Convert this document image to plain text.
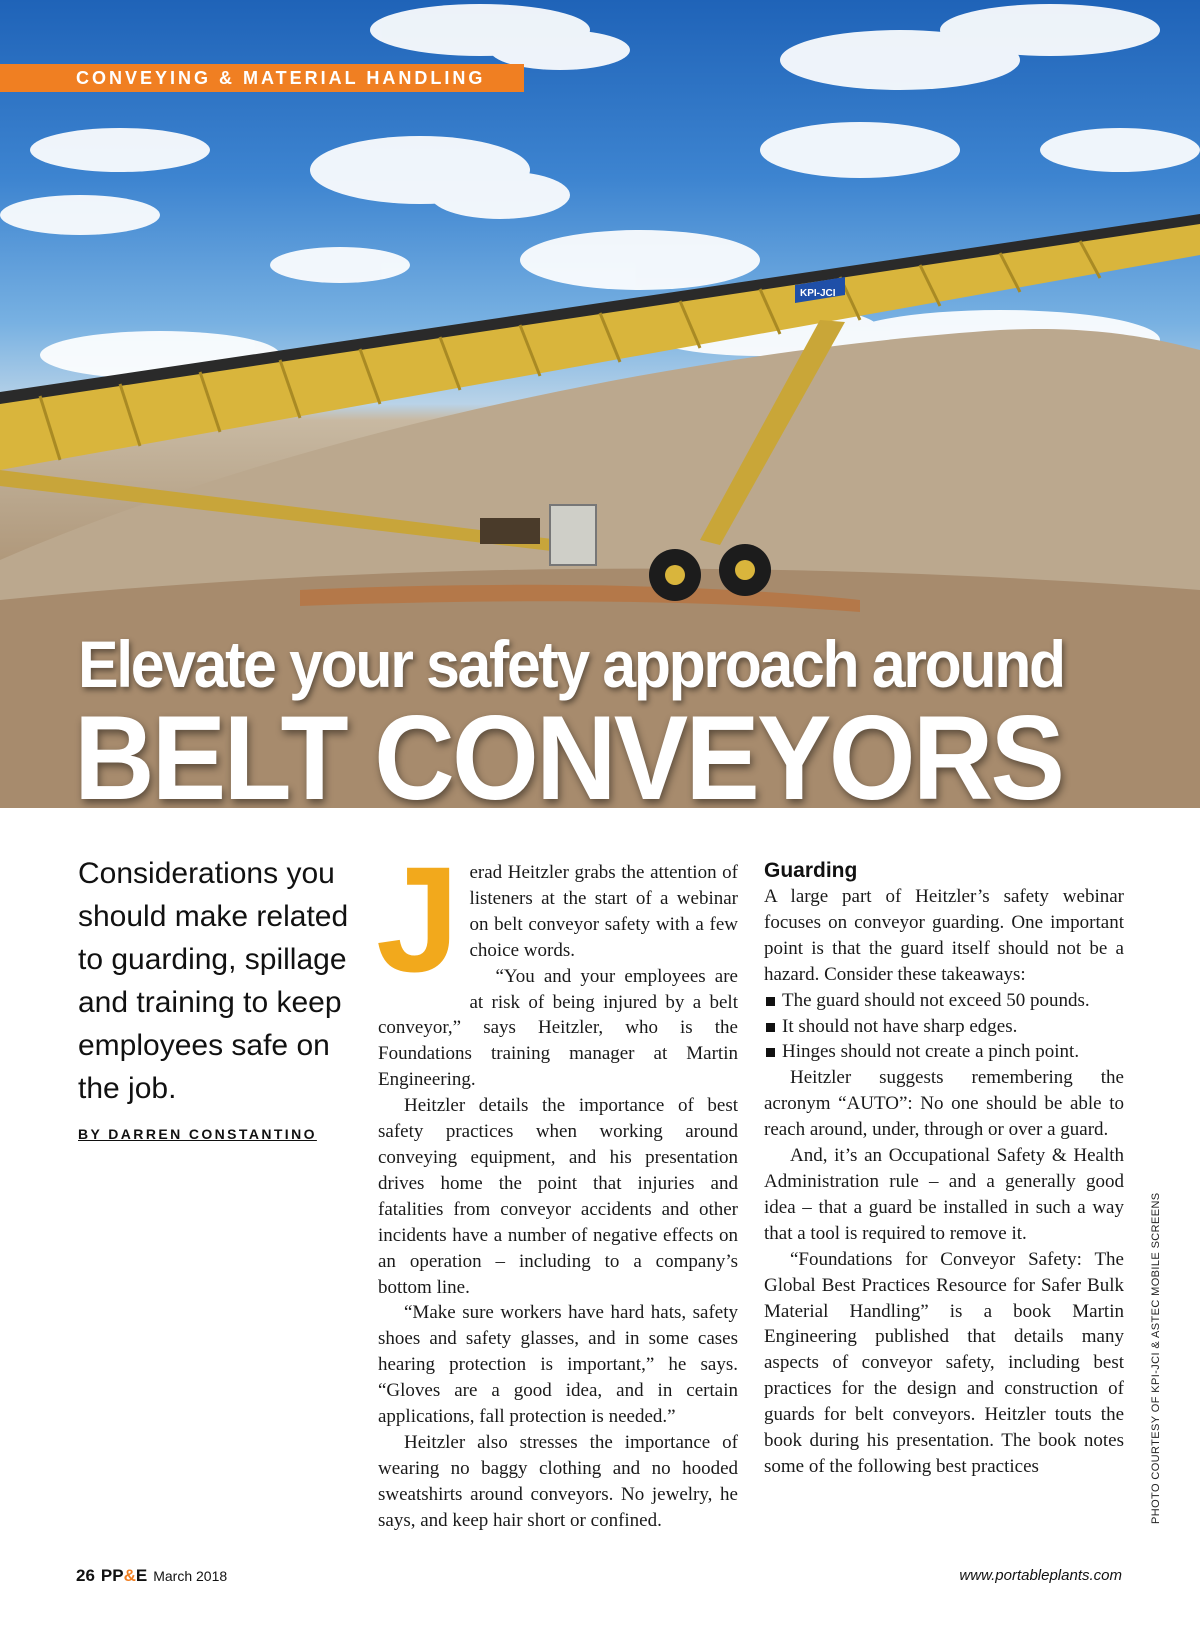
KPI-JCI
CONVEYING & MATERIAL HANDLING
Elevate your safety approach around
BELT CONVEYORS
Considerations you should make related to guarding, spillage and training to keep employees safe on the job.
BY DARREN CONSTANTINO

Jerad Heitzler grabs the attention of listeners at the start of a webinar on belt conveyor safety with a few choice words.

“You and your employees are at risk of being injured by a belt conveyor,” says Heitzler, who is the Foundations training manager at Martin Engineering.

Heitzler details the importance of best safety practices when working around conveying equipment, and his presentation drives home the point that injuries and fatalities from conveyor accidents and other incidents have a number of negative effects on an operation – including to a company’s bottom line.

“Make sure workers have hard hats, safety shoes and safety glasses, and in some cases hearing protection is important,” he says. “Gloves are a good idea, and in certain applications, fall protection is needed.”

Heitzler also stresses the importance of wearing no baggy clothing and no hooded sweatshirts around conveyors. No jewelry, he says, and keep hair short or confined.

Guarding

A large part of Heitzler’s safety webinar focuses on conveyor guarding. One important point is that the guard itself should not be a hazard. Consider these takeaways:

The guard should not exceed 50 pounds.
It should not have sharp edges.
Hinges should not create a pinch point.

Heitzler suggests remembering the acronym “AUTO”: No one should be able to reach around, under, through or over a guard.

And, it’s an Occupational Safety & Health Administration rule – and a generally good idea – that a guard be installed in such a way that a tool is required to remove it.

“Foundations for Conveyor Safety: The Global Best Practices Resource for Safer Bulk Material Handling” is a book Martin Engineering published that details many aspects of conveyor safety, including best practices for the design and construction of guards for belt conveyors. Heitzler touts the book during his presentation. The book notes some of the following best practices	PHOTO COURTESY OF KPI-JCI & ASTEC MOBILE SCREENS
26 PP&E March 2018	www.portableplants.com
